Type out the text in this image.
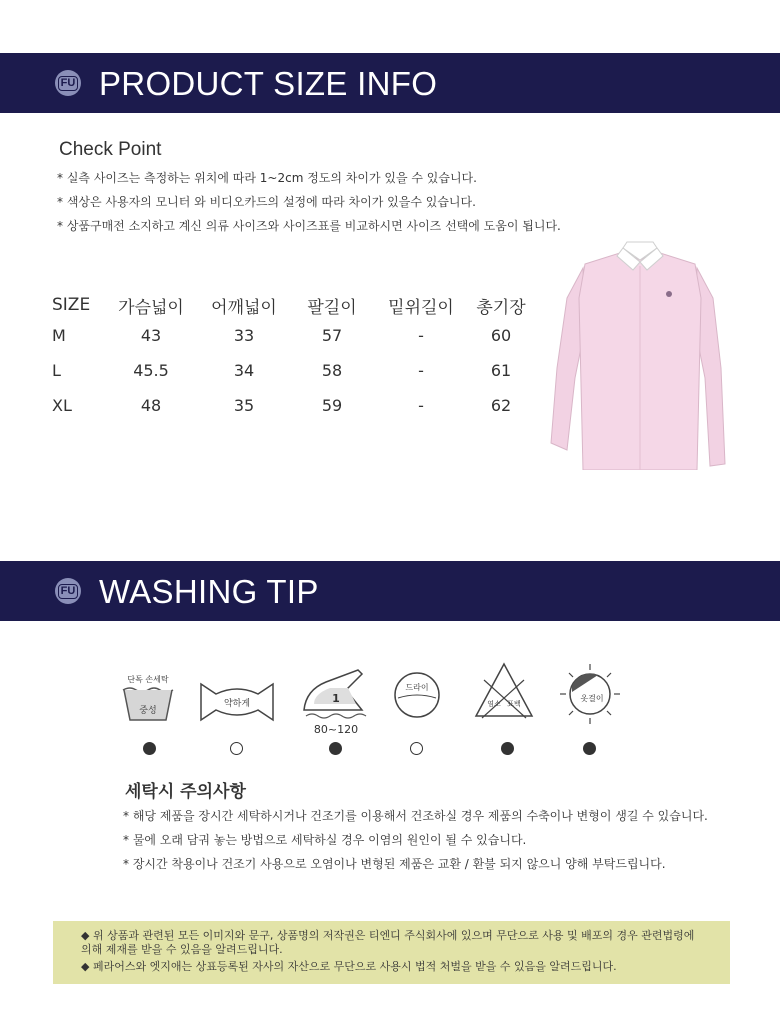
FU PRODUCT SIZE INFO
Check Point
* 실측 사이즈는 측정하는 위치에 따라 1~2cm 정도의 차이가 있을 수 있습니다.
* 색상은 사용자의 모니터 와 비디오카드의 설정에 따라 차이가 있을수 있습니다.
* 상품구매전 소지하고 계신 의류 사이즈와 사이즈표를 비교하시면 사이즈 선택에 도움이 됩니다.
SIZE	가슴넓이	어깨넓이	팔길이	밑위길이	총기장
M	43	33	57	-	60
L	45.5	34	58	-	61
XL	48	35	59	-	62
FU WASHING TIP
단독 손세탁
중성
약하게	1
80~120
드라이
염소 표백
옷걸이
세탁시 주의사항
* 해당 제품을 장시간 세탁하시거나 건조기를 이용해서 건조하실 경우 제품의 수축이나 변형이 생길 수 있습니다.
* 물에 오래 담궈 놓는 방법으로 세탁하실 경우 이염의 원인이 될 수 있습니다.
* 장시간 착용이나 건조기 사용으로 오염이나 변형된 제품은 교환 / 환불 되지 않으니 양해 부탁드립니다.

◆ 위 상품과 관련된 모든 이미지와 문구, 상품명의 저작권은 티엔디 주식회사에 있으며 무단으로 사용 및 배포의 경우 관련법령에 의해 제재를 받을 수 있음을 알려드립니다.

◆ 페라어스와 엣지애는 상표등록된 자사의 자산으로 무단으로 사용시 법적 처벌을 받을 수 있음을 알려드립니다.
